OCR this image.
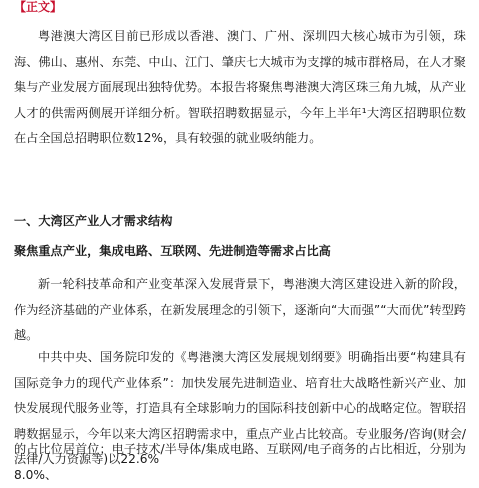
【正文】

粤港澳大湾区目前已形成以香港、澳门、广州、深圳四大核心城市为引领，珠海、佛山、惠州、东莞、中山、江门、肇庆七大城市为支撑的城市群格局，在人才聚集与产业发展方面展现出独特优势。本报告将聚焦粤港澳大湾区珠三角九城，从产业人才的供需两侧展开详细分析。智联招聘数据显示，今年上半年¹大湾区招聘职位数在占全国总招聘职位数12%，具有较强的就业吸纳能力。

一、大湾区产业人才需求结构
聚焦重点产业，集成电路、互联网、先进制造等需求占比高

新一轮科技革命和产业变革深入发展背景下，粤港澳大湾区建设进入新的阶段，作为经济基础的产业体系，在新发展理念的引领下，逐渐向“大而强”“大而优”转型跨越。

中共中央、国务院印发的《粤港澳大湾区发展规划纲要》明确指出要“构建具有国际竞争力的现代产业体系”：加快发展先进制造业、培育壮大战略性新兴产业、加快发展现代服务业等，打造具有全球影响力的国际科技创新中心的战略定位。智联招聘数据显示，今年以来大湾区招聘需求中，重点产业占比较高。专业服务/咨询(财会/法律/人力资源等)以22.6%

的占比位居首位；电子技术/半导体/集成电路、互联网/电子商务的占比相近，分别为8.0%、
